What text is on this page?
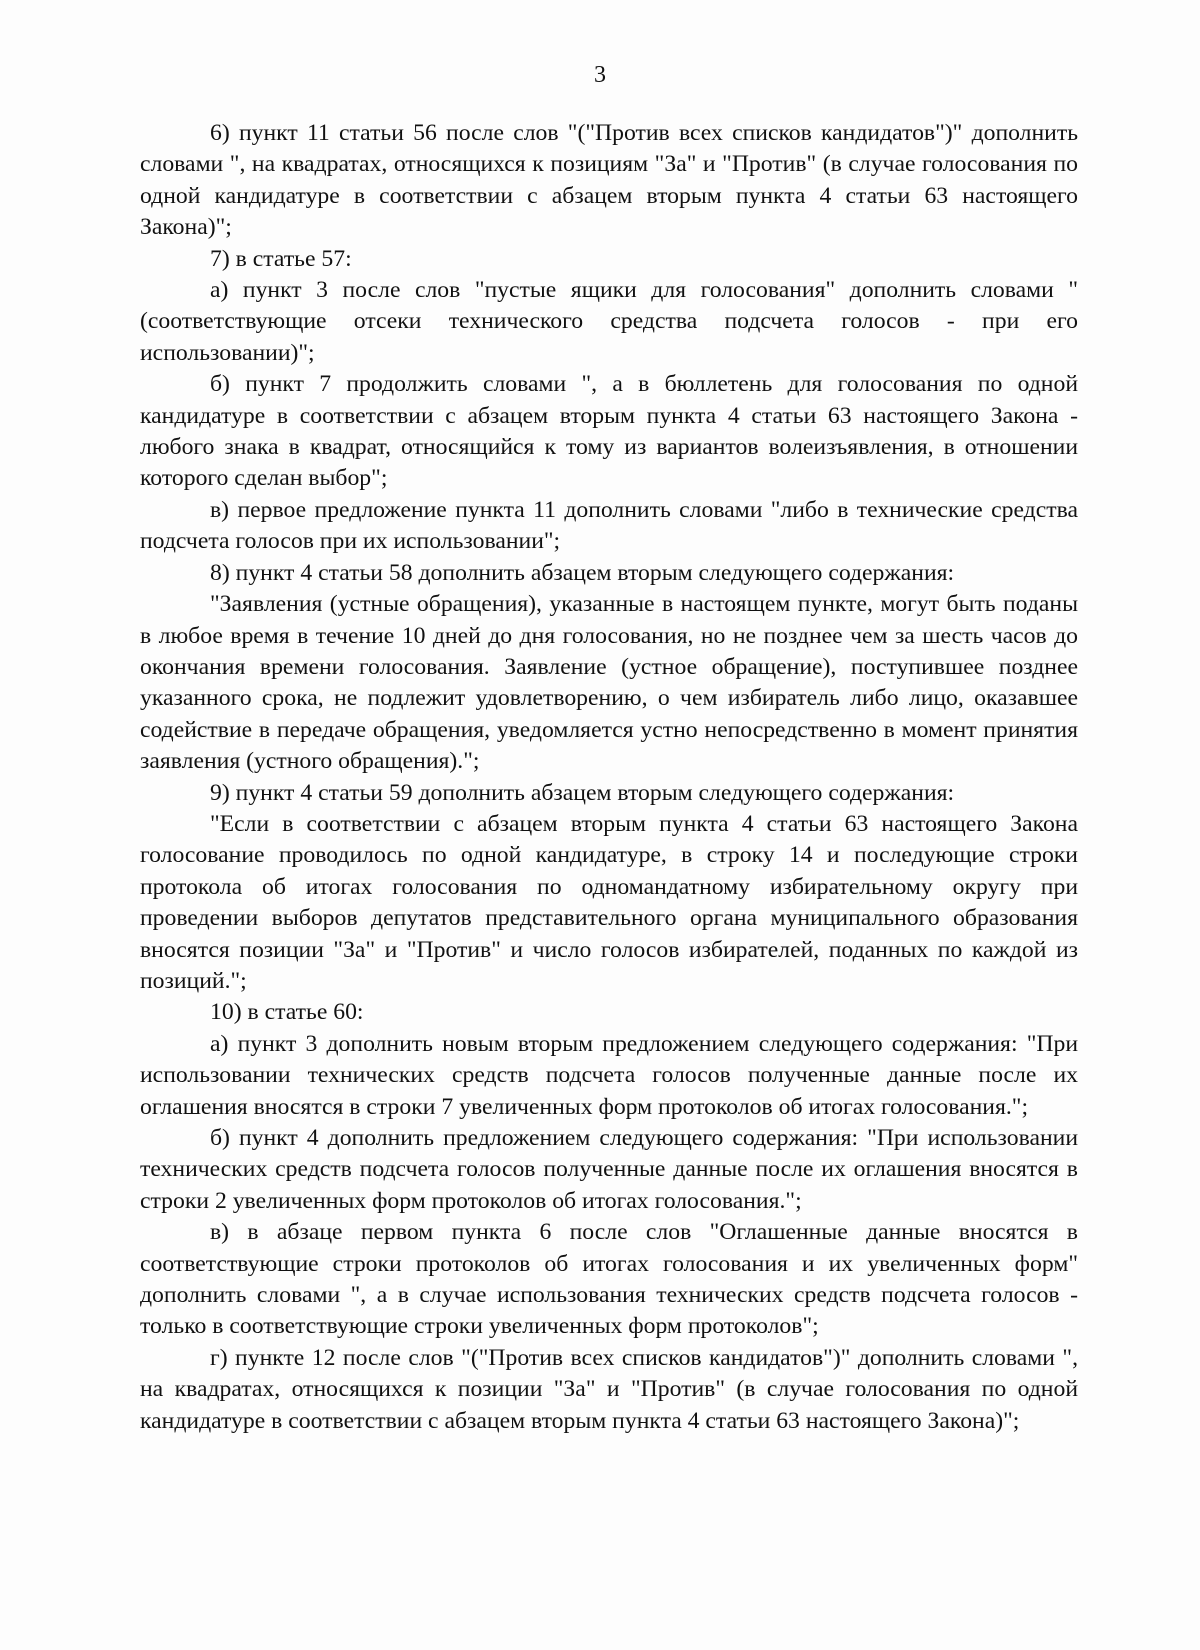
3

6) пункт 11 статьи 56 после слов "("Против всех списков кандидатов")" дополнить словами ", на квадратах, относящихся к позициям "За" и "Против" (в случае голосования по одной кандидатуре в соответствии с абзацем вторым пункта 4 статьи 63 настоящего Закона)";

7) в статье 57:

а) пункт 3 после слов "пустые ящики для голосования" дополнить словами "(соответствующие отсеки технического средства подсчета голосов - при его использовании)";

б) пункт 7 продолжить словами ", а в бюллетень для голосования по одной кандидатуре в соответствии с абзацем вторым пункта 4 статьи 63 настоящего Закона - любого знака в квадрат, относящийся к тому из вариантов волеизъявления, в отношении которого сделан выбор";

в) первое предложение пункта 11 дополнить словами "либо в технические средства подсчета голосов при их использовании";

8) пункт 4 статьи 58 дополнить абзацем вторым следующего содержания:

"Заявления (устные обращения), указанные в настоящем пункте, могут быть поданы в любое время в течение 10 дней до дня голосования, но не позднее чем за шесть часов до окончания времени голосования. Заявление (устное обращение), поступившее позднее указанного срока, не подлежит удовлетворению, о чем избиратель либо лицо, оказавшее содействие в передаче обращения, уведомляется устно непосредственно в момент принятия заявления (устного обращения).";

9) пункт 4 статьи 59 дополнить абзацем вторым следующего содержания:

"Если в соответствии с абзацем вторым пункта 4 статьи 63 настоящего Закона голосование проводилось по одной кандидатуре, в строку 14 и последующие строки протокола об итогах голосования по одномандатному избирательному округу при проведении выборов депутатов представительного органа муниципального образования вносятся позиции "За" и "Против" и число голосов избирателей, поданных по каждой из позиций.";

10) в статье 60:

а) пункт 3 дополнить новым вторым предложением следующего содержания: "При использовании технических средств подсчета голосов полученные данные после их оглашения вносятся в строки 7 увеличенных форм протоколов об итогах голосования.";

б) пункт 4 дополнить предложением следующего содержания: "При использовании технических средств подсчета голосов полученные данные после их оглашения вносятся в строки 2 увеличенных форм протоколов об итогах голосования.";

в) в абзаце первом пункта 6 после слов "Оглашенные данные вносятся в соответствующие строки протоколов об итогах голосования и их увеличенных форм" дополнить словами ", а в случае использования технических средств подсчета голосов - только в соответствующие строки увеличенных форм протоколов";

г) пункте 12 после слов "("Против всех списков кандидатов")" дополнить словами ", на квадратах, относящихся к позиции "За" и "Против" (в случае голосования по одной кандидатуре в соответствии с абзацем вторым пункта 4 статьи 63 настоящего Закона)";
